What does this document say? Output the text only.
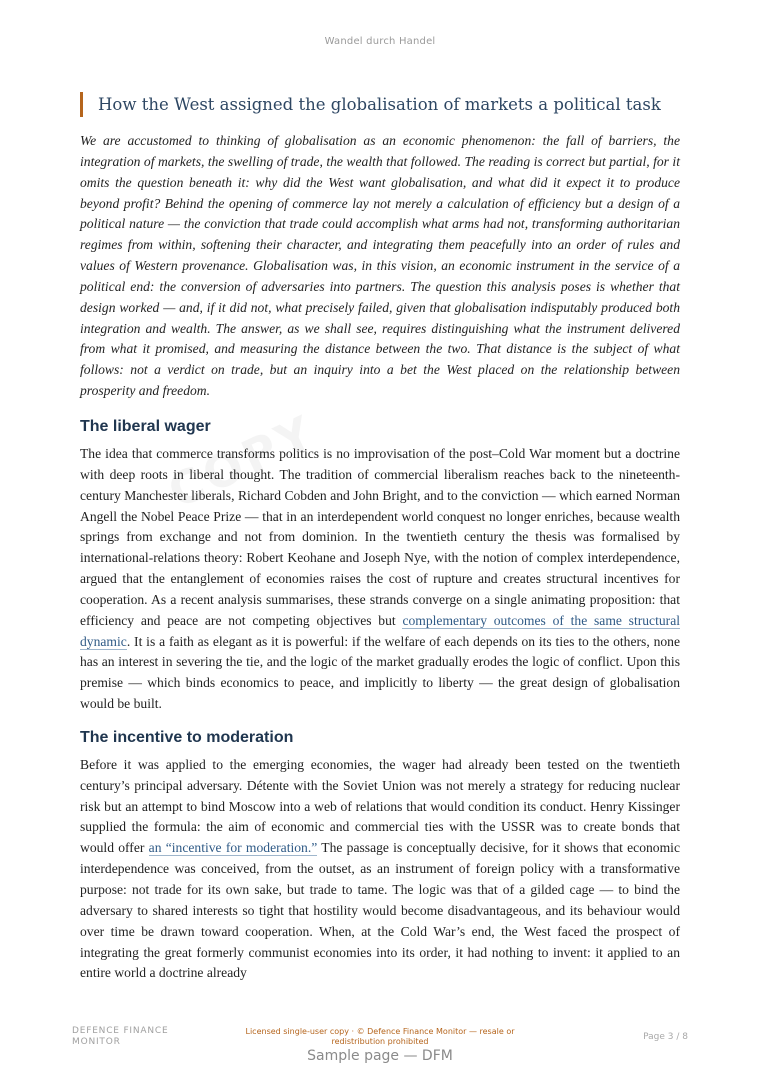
Wandel durch Handel
How the West assigned the globalisation of markets a political task

We are accustomed to thinking of globalisation as an economic phenomenon: the fall of barriers, the integration of markets, the swelling of trade, the wealth that followed. The reading is correct but partial, for it omits the question beneath it: why did the West want globalisation, and what did it expect it to produce beyond profit? Behind the opening of commerce lay not merely a calculation of efficiency but a design of a political nature — the conviction that trade could accomplish what arms had not, transforming authoritarian regimes from within, softening their character, and integrating them peacefully into an order of rules and values of Western provenance. Globalisation was, in this vision, an economic instrument in the service of a political end: the conversion of adversaries into partners. The question this analysis poses is whether that design worked — and, if it did not, what precisely failed, given that globalisation indisputably produced both integration and wealth. The answer, as we shall see, requires distinguishing what the instrument delivered from what it promised, and measuring the distance between the two. That distance is the subject of what follows: not a verdict on trade, but an inquiry into a bet the West placed on the relationship between prosperity and freedom.

The liberal wager

The idea that commerce transforms politics is no improvisation of the post–Cold War moment but a doctrine with deep roots in liberal thought. The tradition of commercial liberalism reaches back to the nineteenth-century Manchester liberals, Richard Cobden and John Bright, and to the conviction — which earned Norman Angell the Nobel Peace Prize — that in an interdependent world conquest no longer enriches, because wealth springs from exchange and not from dominion. In the twentieth century the thesis was formalised by international-relations theory: Robert Keohane and Joseph Nye, with the notion of complex interdependence, argued that the entanglement of economies raises the cost of rupture and creates structural incentives for cooperation. As a recent analysis summarises, these strands converge on a single animating proposition: that efficiency and peace are not competing objectives but complementary outcomes of the same structural dynamic. It is a faith as elegant as it is powerful: if the welfare of each depends on its ties to the others, none has an interest in severing the tie, and the logic of the market gradually erodes the logic of conflict. Upon this premise — which binds economics to peace, and implicitly to liberty — the great design of globalisation would be built.

The incentive to moderation

Before it was applied to the emerging economies, the wager had already been tested on the twentieth century’s principal adversary. Détente with the Soviet Union was not merely a strategy for reducing nuclear risk but an attempt to bind Moscow into a web of relations that would condition its conduct. Henry Kissinger supplied the formula: the aim of economic and commercial ties with the USSR was to create bonds that would offer an “incentive for moderation.” The passage is conceptually decisive, for it shows that economic interdependence was conceived, from the outset, as an instrument of foreign policy with a transformative purpose: not trade for its own sake, but trade to tame. The logic was that of a gilded cage — to bind the adversary to shared interests so tight that hostility would become disadvantageous, and its behaviour would over time be drawn toward cooperation. When, at the Cold War’s end, the West faced the prospect of integrating the great formerly communist economies into its order, it had nothing to invent: it applied to an entire world a doctrine already

DEFENCE FINANCE
MONITOR
Licensed single-user copy · © Defence Finance Monitor — resale or redistribution prohibited	Page 3 / 8
Sample page — DFM
